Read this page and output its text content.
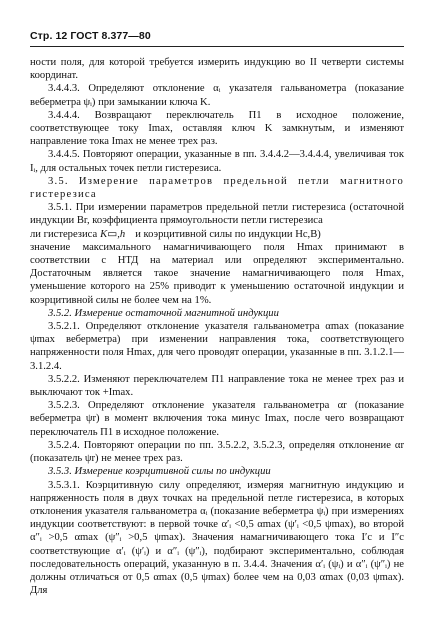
Стр. 12 ГОСТ 8.377—80

ности поля, для которой требуется измерить индукцию во II четверти системы координат.

3.4.4.3. Определяют отклонение αᵢ указателя гальванометра (показание веберметра ψᵢ) при замыкании ключа K.

3.4.4.4. Возвращают переключатель П1 в исходное положение, соответствующее току Imax, оставляя ключ K замкнутым, и изменяют направление тока Imax не менее трех раз.

3.4.4.5. Повторяют операции, указанные в пп. 3.4.4.2—3.4.4.4, увеличивая ток Iᵢ, для остальных точек петли гистерезиса.

3.5. Измерение параметров предельной петли магнитного гистерезиса

3.5.1. При измерении параметров предельной петли гистерезиса (остаточной индукции Br, коэффициента прямоугольности петли гистерезиса

ли гистерезиса K▭,h и коэрцитивной силы по индукции Hc,B)

значение максимального намагничивающего поля Hmax принимают в соответствии с НТД на материал или определяют экспериментально. Достаточным является такое значение намагничивающего поля Hmax, уменьшение которого на 25% приводит к уменьшению остаточной индукции и коэрцитивной силы не более чем на 1%.

3.5.2. Измерение остаточной магнитной индукции

3.5.2.1. Определяют отклонение указателя гальванометра αmax (показание ψmax веберметра) при изменении направления тока, соответствующего напряженности поля Hmax, для чего проводят операции, указанные в пп. 3.1.2.1—3.1.2.4.

3.5.2.2. Изменяют переключателем П1 направление тока не менее трех раз и выключают ток +Imax.

3.5.2.3. Определяют отклонение указателя гальванометра αr (показание веберметра ψr) в момент включения тока минус Imax, после чего возвращают переключатель П1 в исходное положение.

3.5.2.4. Повторяют операции по пп. 3.5.2.2, 3.5.2.3, определяя отклонение αr (показатель ψr) не менее трех раз.

3.5.3. Измерение коэрцитивной силы по индукции

3.5.3.1. Коэрцитивную силу определяют, измеряя магнитную индукцию и напряженность поля в двух точках на предельной петле гистерезиса, в которых отклонения указателя гальванометра αᵢ (показание веберметра ψᵢ) при измерениях индукции соответствуют: в первой точке α′ᵢ <0,5 αmax (ψ′ᵢ <0,5 ψmax), во второй α″ᵢ >0,5 αmax (ψ″ᵢ >0,5 ψmax). Значения намагничивающего тока I′c и I″c соответствующие α′ᵢ (ψ′ᵢ) и α″ᵢ (ψ″ᵢ), подбирают экспериментально, соблюдая последовательность операций, указанную в п. 3.4.4. Значения α′ᵢ (ψᵢ) и α″ᵢ (ψ″ᵢ) не должны отличаться от 0,5 αmax (0,5 ψmax) более чем на 0,03 αmax (0,03 ψmax). Для
